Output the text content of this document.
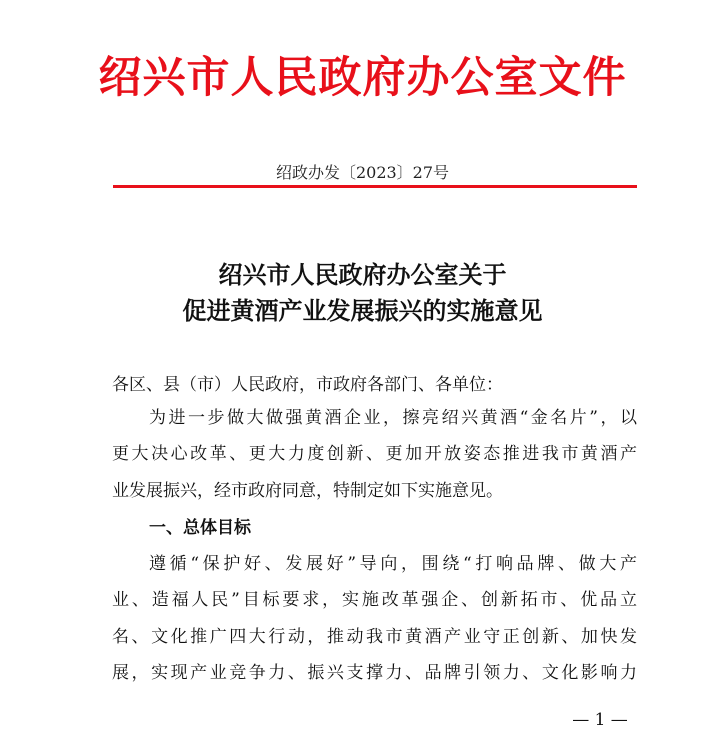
绍兴市人民政府办公室文件
绍政办发〔2023〕27号
绍兴市人民政府办公室关于
促进黄酒产业发展振兴的实施意见
各区、县（市）人民政府，市政府各部门、各单位：
为进一步做大做强黄酒企业，擦亮绍兴黄酒“金名片”，以
更大决心改革、更大力度创新、更加开放姿态推进我市黄酒产
业发展振兴，经市政府同意，特制定如下实施意见。
一、总体目标
遵循“保护好、发展好”导向，围绕“打响品牌、做大产
业、造福人民”目标要求，实施改革强企、创新拓市、优品立
名、文化推广四大行动，推动我市黄酒产业守正创新、加快发
展，实现产业竞争力、振兴支撑力、品牌引领力、文化影响力
— 1 —
